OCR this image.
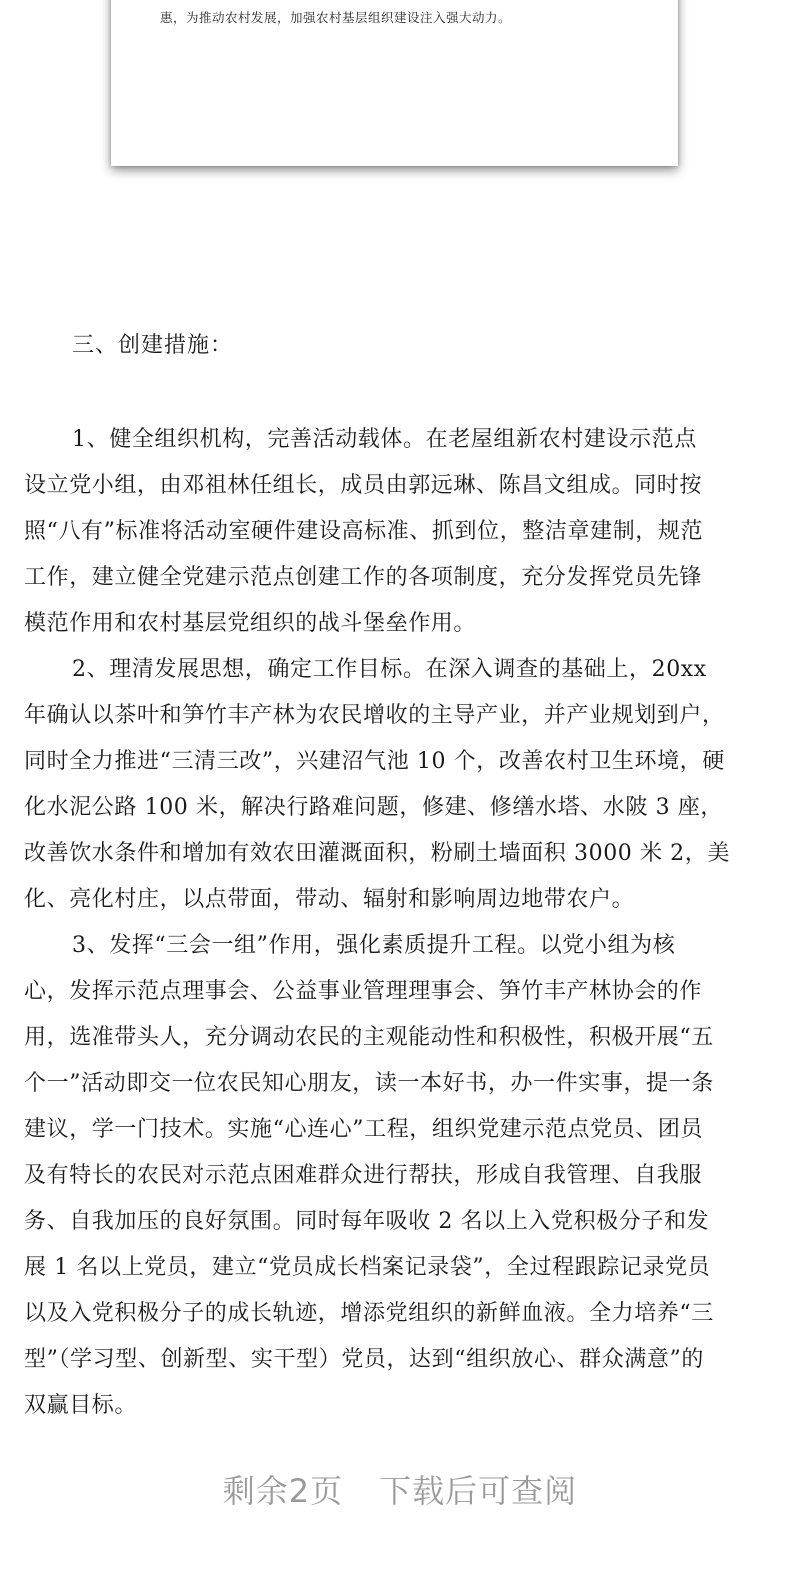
惠，为推动农村发展，加强农村基层组织建设注入强大动力。
三、创建措施：
1、健全组织机构，完善活动载体。在老屋组新农村建设示范点
设立党小组，由邓祖林任组长，成员由郭远琳、陈昌文组成。同时按
照“八有”标准将活动室硬件建设高标准、抓到位，整洁章建制，规范
工作，建立健全党建示范点创建工作的各项制度，充分发挥党员先锋
模范作用和农村基层党组织的战斗堡垒作用。
2、理清发展思想，确定工作目标。在深入调查的基础上，20xx
年确认以茶叶和笋竹丰产林为农民增收的主导产业，并产业规划到户，
同时全力推进“三清三改”，兴建沼气池 10 个，改善农村卫生环境，硬
化水泥公路 100 米，解决行路难问题，修建、修缮水塔、水陂 3 座，
改善饮水条件和增加有效农田灌溉面积，粉刷土墙面积 3000 米 2，美
化、亮化村庄，以点带面，带动、辐射和影响周边地带农户。
3、发挥“三会一组”作用，强化素质提升工程。以党小组为核
心，发挥示范点理事会、公益事业管理理事会、笋竹丰产林协会的作
用，选准带头人，充分调动农民的主观能动性和积极性，积极开展“五
个一”活动即交一位农民知心朋友，读一本好书，办一件实事，提一条
建议，学一门技术。实施“心连心”工程，组织党建示范点党员、团员
及有特长的农民对示范点困难群众进行帮扶，形成自我管理、自我服
务、自我加压的良好氛围。同时每年吸收 2 名以上入党积极分子和发
展 1 名以上党员，建立“党员成长档案记录袋”，全过程跟踪记录党员
以及入党积极分子的成长轨迹，增添党组织的新鲜血液。全力培养“三
型”（学习型、创新型、实干型）党员，达到“组织放心、群众满意”的
双赢目标。
剩余2页 下载后可查阅
